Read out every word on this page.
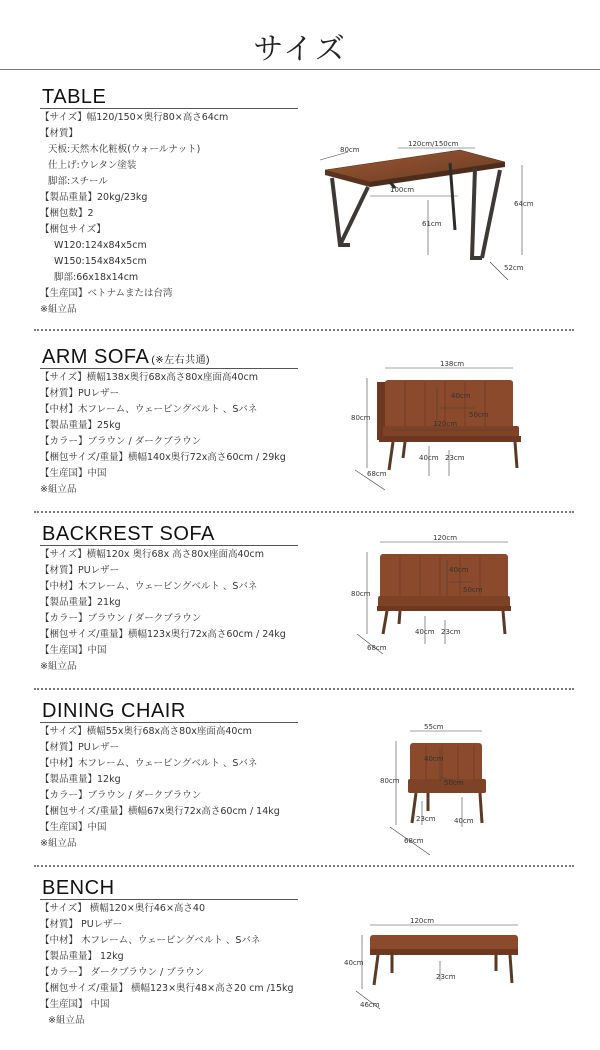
サイズ
TABLE
【サイズ】幅120/150×奥行80×高さ64cm
【材質】
天板:天然木化粧板(ウォールナット)
仕上げ:ウレタン塗装
脚部:スチール
【製品重量】20kg/23kg
【梱包数】2
【梱包サイズ】
W120:124x84x5cm
W150:154x84x5cm
脚部:66x18x14cm
【生産国】ベトナムまたは台湾
※組立品
80cm
120cm/150cm
100cm
61cm
64cm
52cm
ARM SOFA (※左右共通)
【サイズ】横幅138x奥行68x高さ80x座面高40cm
【材質】PUレザー
【中材】木フレーム、ウェービングベルト 、Sバネ
【製品重量】25kg
【カラー】ブラウン / ダークブラウン
【梱包サイズ/重量】横幅140x奥行72x高さ60cm / 29kg
【生産国】中国
※組立品
138cm
80cm
40cm
50cm
120cm
40cm 23cm
68cm
BACKREST SOFA
【サイズ】横幅120x 奥行68x 高さ80x座面高40cm
【材質】PUレザー
【中材】木フレーム、ウェービングベルト 、Sバネ
【製品重量】21kg
【カラー】ブラウン / ダークブラウン
【梱包サイズ/重量】横幅123x奥行72x高さ60cm / 24kg
【生産国】中国
※組立品
120cm
80cm
40cm
50cm
40cm 23cm
68cm
DINING CHAIR
【サイズ】横幅55x奥行68x高さ80x座面高40cm
【材質】PUレザー
【中材】木フレーム、ウェービングベルト 、Sバネ
【製品重量】12kg
【カラー】ブラウン / ダークブラウン
【梱包サイズ/重量】横幅67x奥行72x高さ60cm / 14kg
【生産国】中国
※組立品
55cm
80cm
40cm
50cm
23cm	40cm
68cm
BENCH
【サイズ】 横幅120×奥行46×高さ40
【材質】 PUレザー
【中材】 木フレーム、ウェービングベルト 、Sバネ
【製品重量】 12kg
【カラー】 ダークブラウン / ブラウン
【梱包サイズ/重量】 横幅123×奥行48×高さ20 cm /15kg
【生産国】 中国
※組立品
120cm
40cm
23cm
46cm
